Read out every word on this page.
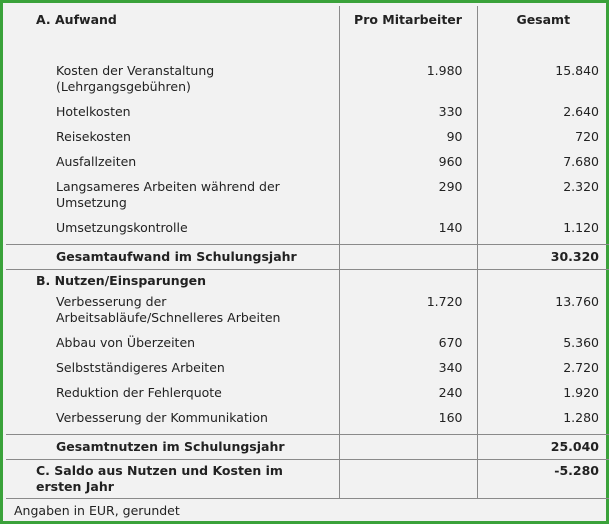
A. Aufwand	Pro Mitarbeiter	Gesamt

Kosten der Veranstaltung (Lehrgangsgebühren)	1.980	15.840
Hotelkosten	330	2.640
Reisekosten	90	720
Ausfallzeiten	960	7.680
Langsameres Arbeiten während der Umsetzung	290	2.320
Umsetzungskontrolle	140	1.120
Gesamtaufwand im Schulungsjahr		30.320
B. Nutzen/Einsparungen		
Verbesserung der Arbeitsabläufe/Schnelleres Arbeiten	1.720	13.760
Abbau von Überzeiten	670	5.360
Selbstständigeres Arbeiten	340	2.720
Reduktion der Fehlerquote	240	1.920
Verbesserung der Kommunikation	160	1.280
Gesamtnutzen im Schulungsjahr		25.040
C. Saldo aus Nutzen und Kosten im ersten Jahr		-5.280
Angaben in EUR, gerundet		
